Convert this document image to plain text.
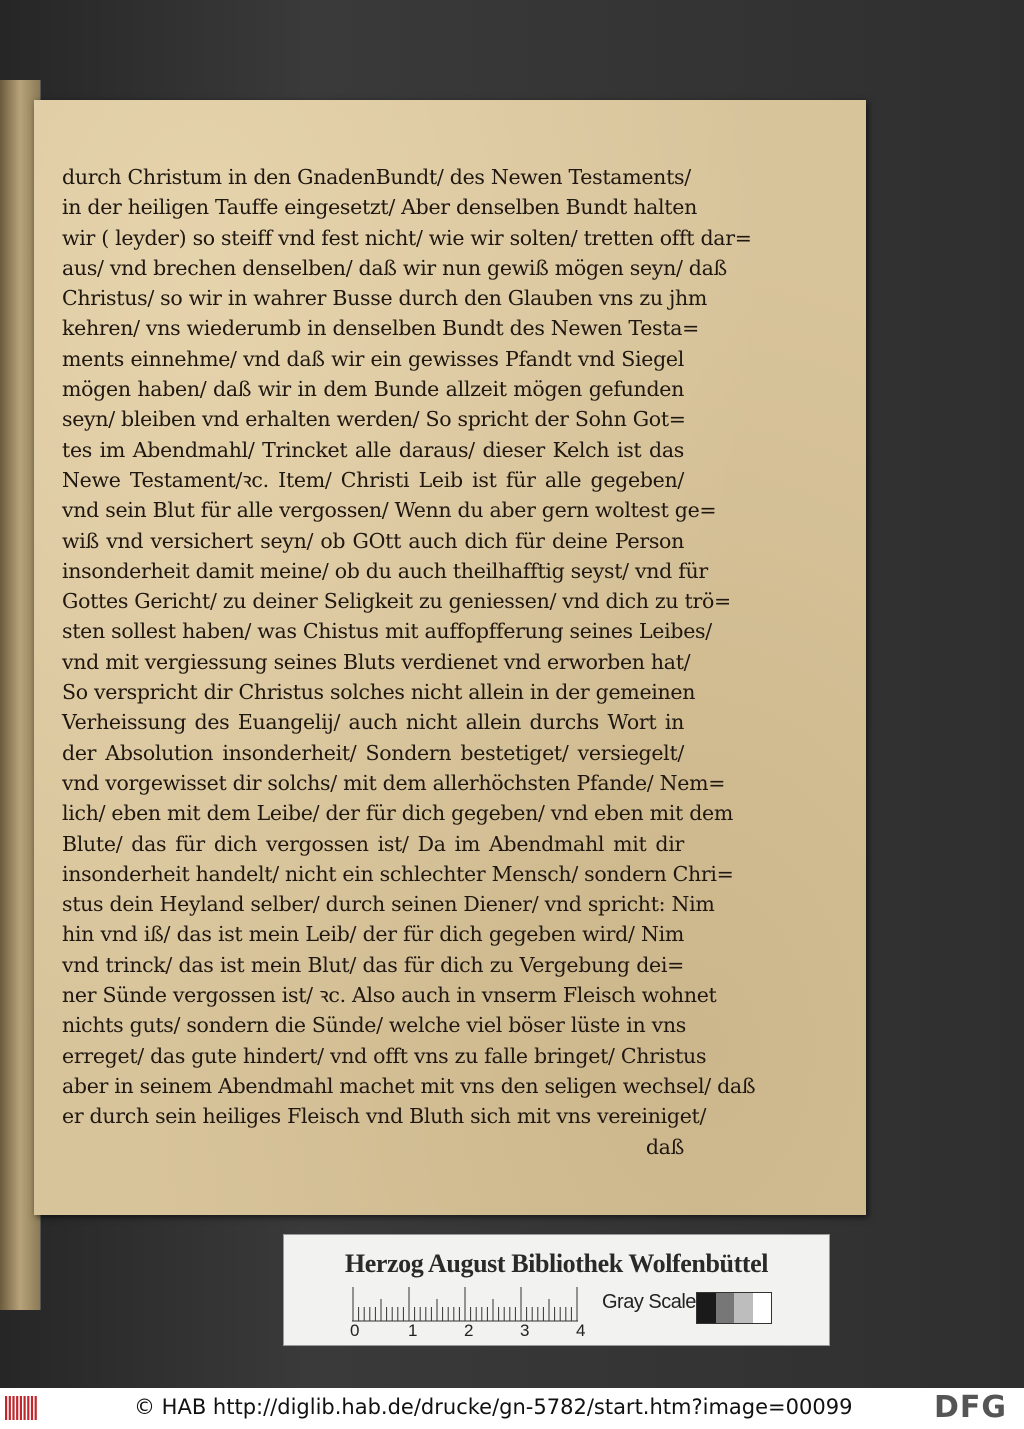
durch Christum in den GnadenBundt/ des Newen Testaments/
in der heiligen Tauffe eingesetzt/ Aber denselben Bundt halten
wir ( leyder) so steiff vnd fest nicht/ wie wir solten/ tretten offt dar=
aus/ vnd brechen denselben/ daß wir nun gewiß mögen seyn/ daß
Christus/ so wir in wahrer Busse durch den Glauben vns zu jhm
kehren/ vns wiederumb in denselben Bundt des Newen Testa=
ments einnehme/ vnd daß wir ein gewisses Pfandt vnd Siegel
mögen haben/ daß wir in dem Bunde allzeit mögen gefunden
seyn/ bleiben vnd erhalten werden/ So spricht der Sohn Got=
tes im Abendmahl/ Trincket alle daraus/ dieser Kelch ist das
Newe Testament/ꝛc. Item/ Christi Leib ist für alle gegeben/
vnd sein Blut für alle vergossen/ Wenn du aber gern woltest ge=
wiß vnd versichert seyn/ ob GOtt auch dich für deine Person
insonderheit damit meine/ ob du auch theilhafftig seyst/ vnd für
Gottes Gericht/ zu deiner Seligkeit zu geniessen/ vnd dich zu trö=
sten sollest haben/ was Chistus mit auffopfferung seines Leibes/
vnd mit vergiessung seines Bluts verdienet vnd erworben hat/
So verspricht dir Christus solches nicht allein in der gemeinen
Verheissung des Euangelij/ auch nicht allein durchs Wort in
der Absolution insonderheit/ Sondern bestetiget/ versiegelt/
vnd vorgewisset dir solchs/ mit dem allerhöchsten Pfande/ Nem=
lich/ eben mit dem Leibe/ der für dich gegeben/ vnd eben mit dem
Blute/ das für dich vergossen ist/ Da im Abendmahl mit dir
insonderheit handelt/ nicht ein schlechter Mensch/ sondern Chri=
stus dein Heyland selber/ durch seinen Diener/ vnd spricht: Nim
hin vnd iß/ das ist mein Leib/ der für dich gegeben wird/ Nim
vnd trinck/ das ist mein Blut/ das für dich zu Vergebung dei=
ner Sünde vergossen ist/ ꝛc. Also auch in vnserm Fleisch wohnet
nichts guts/ sondern die Sünde/ welche viel böser lüste in vns
erreget/ das gute hindert/ vnd offt vns zu falle bringet/ Christus
aber in seinem Abendmahl machet mit vns den seligen wechsel/ daß
er durch sein heiliges Fleisch vnd Bluth sich mit vns vereiniget/
daß
Herzog August Bibliothek Wolfenbüttel
0	1	2	3	4
Gray Scale
© HAB http://diglib.hab.de/drucke/gn-5782/start.htm?image=00099	DFG
